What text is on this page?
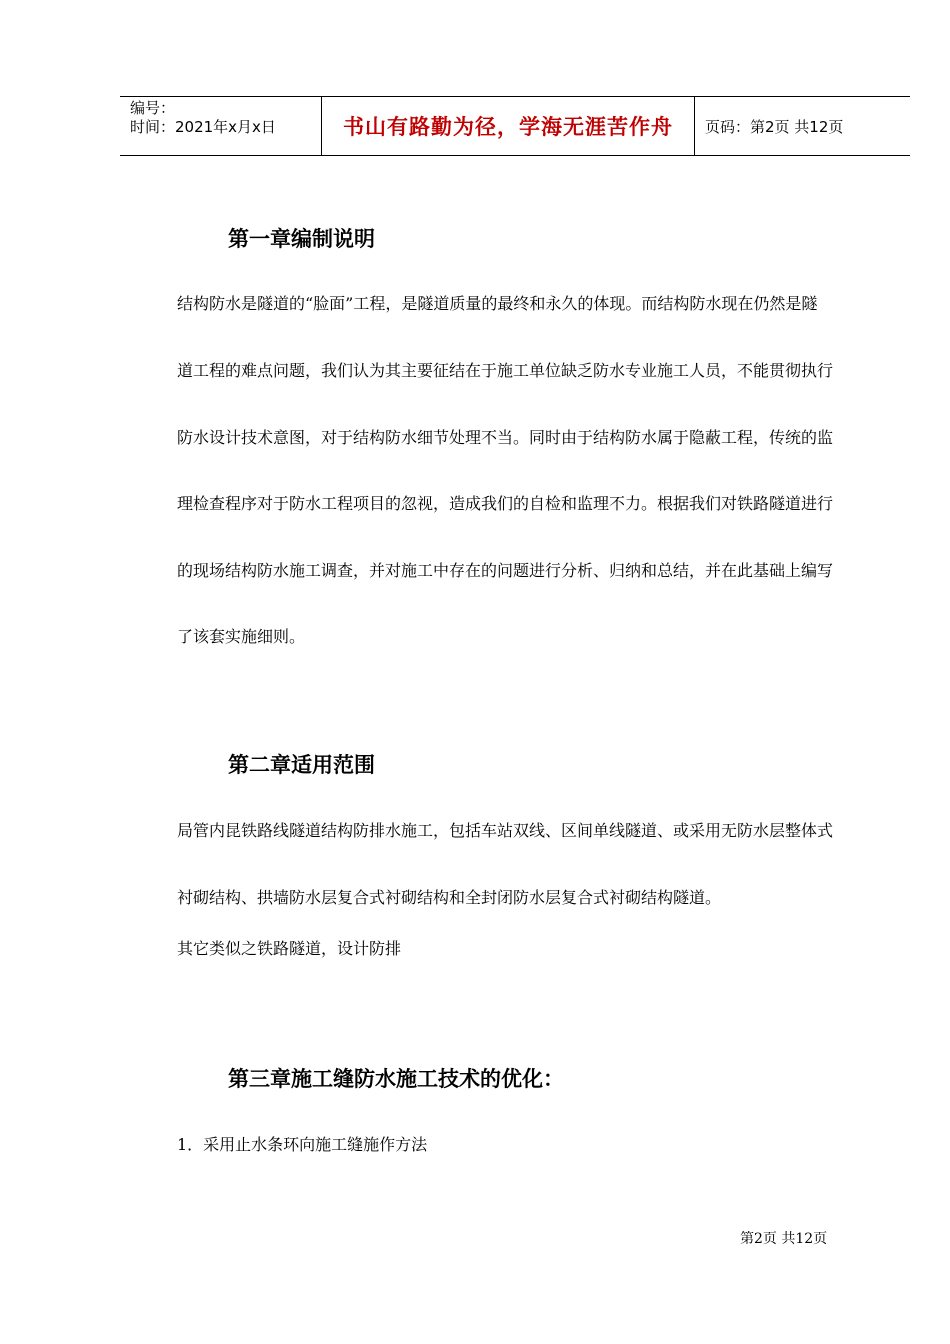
编号：
时间：2021年x月x日	书山有路勤为径，学海无涯苦作舟 页码：第2页 共12页
第一章编制说明
结构防水是隧道的“脸面”工程，是隧道质量的最终和永久的体现。而结构防水现在仍然是隧
道工程的难点问题，我们认为其主要征结在于施工单位缺乏防水专业施工人员，不能贯彻执行
防水设计技术意图，对于结构防水细节处理不当。同时由于结构防水属于隐蔽工程，传统的监
理检查程序对于防水工程项目的忽视，造成我们的自检和监理不力。根据我们对铁路隧道进行
的现场结构防水施工调查，并对施工中存在的问题进行分析、归纳和总结，并在此基础上编写
了该套实施细则。
第二章适用范围
局管内昆铁路线隧道结构防排水施工，包括车站双线、区间单线隧道、或采用无防水层整体式
衬砌结构、拱墙防水层复合式衬砌结构和全封闭防水层复合式衬砌结构隧道。
其它类似之铁路隧道，设计防排
第三章施工缝防水施工技术的优化：
1．采用止水条环向施工缝施作方法
第2页 共12页
